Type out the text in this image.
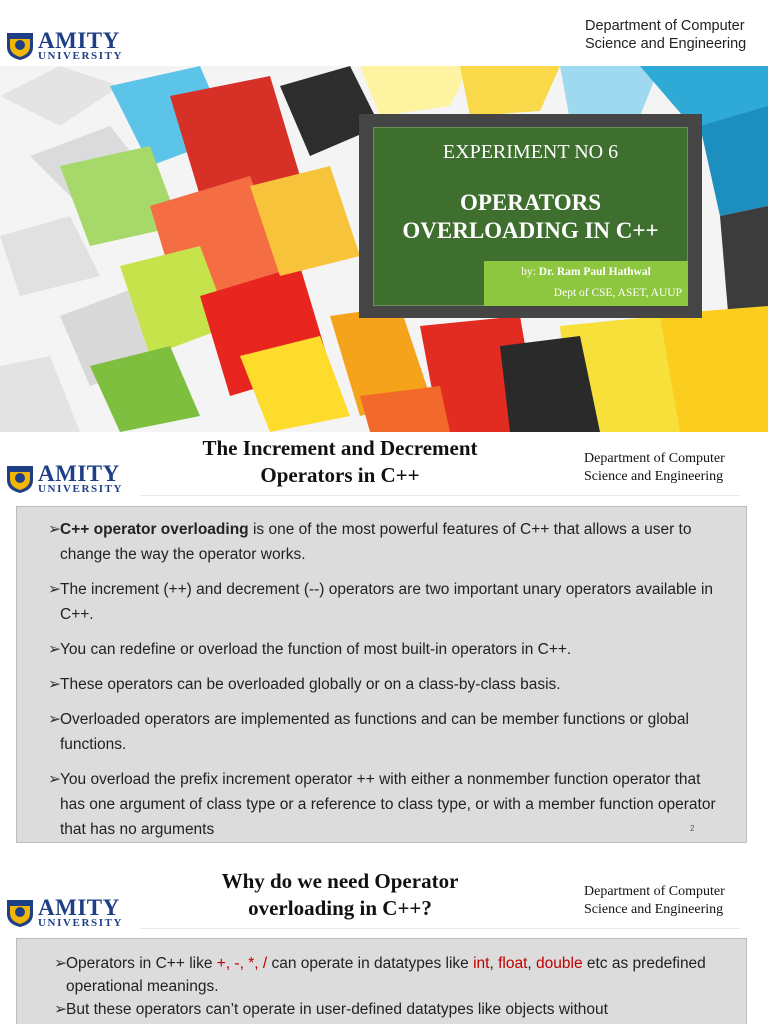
AMITY
UNIVERSITY
Department of Computer
Science and Engineering
EXPERIMENT NO 6
OPERATORS
OVERLOADING IN C++
by: Dr. Ram Paul Hathwal
Dept of CSE, ASET, AUUP
AMITY
UNIVERSITY
The Increment and Decrement
Operators in C++
Department of Computer
Science and Engineering
➢C++ operator overloading is one of the most powerful features of C++ that allows a user to change the way the operator works.
➢The increment (++) and decrement (--) operators are two important unary operators available in C++.
➢You can redefine or overload the function of most built-in operators in C++.
➢These operators can be overloaded globally or on a class-by-class basis.
➢Overloaded operators are implemented as functions and can be member functions or global functions.
➢You overload the prefix increment operator ++ with either a nonmember function operator that has one argument of class type or a reference to class type, or with a member function operator that has no arguments	2
AMITY
UNIVERSITY
Why do we need Operator
overloading in C++?
Department of Computer
Science and Engineering
➢Operators in C++ like +, -, *, / can operate in datatypes like int, float, double etc as predefined operational meanings.
➢But these operators can’t operate in user-defined datatypes like objects without
